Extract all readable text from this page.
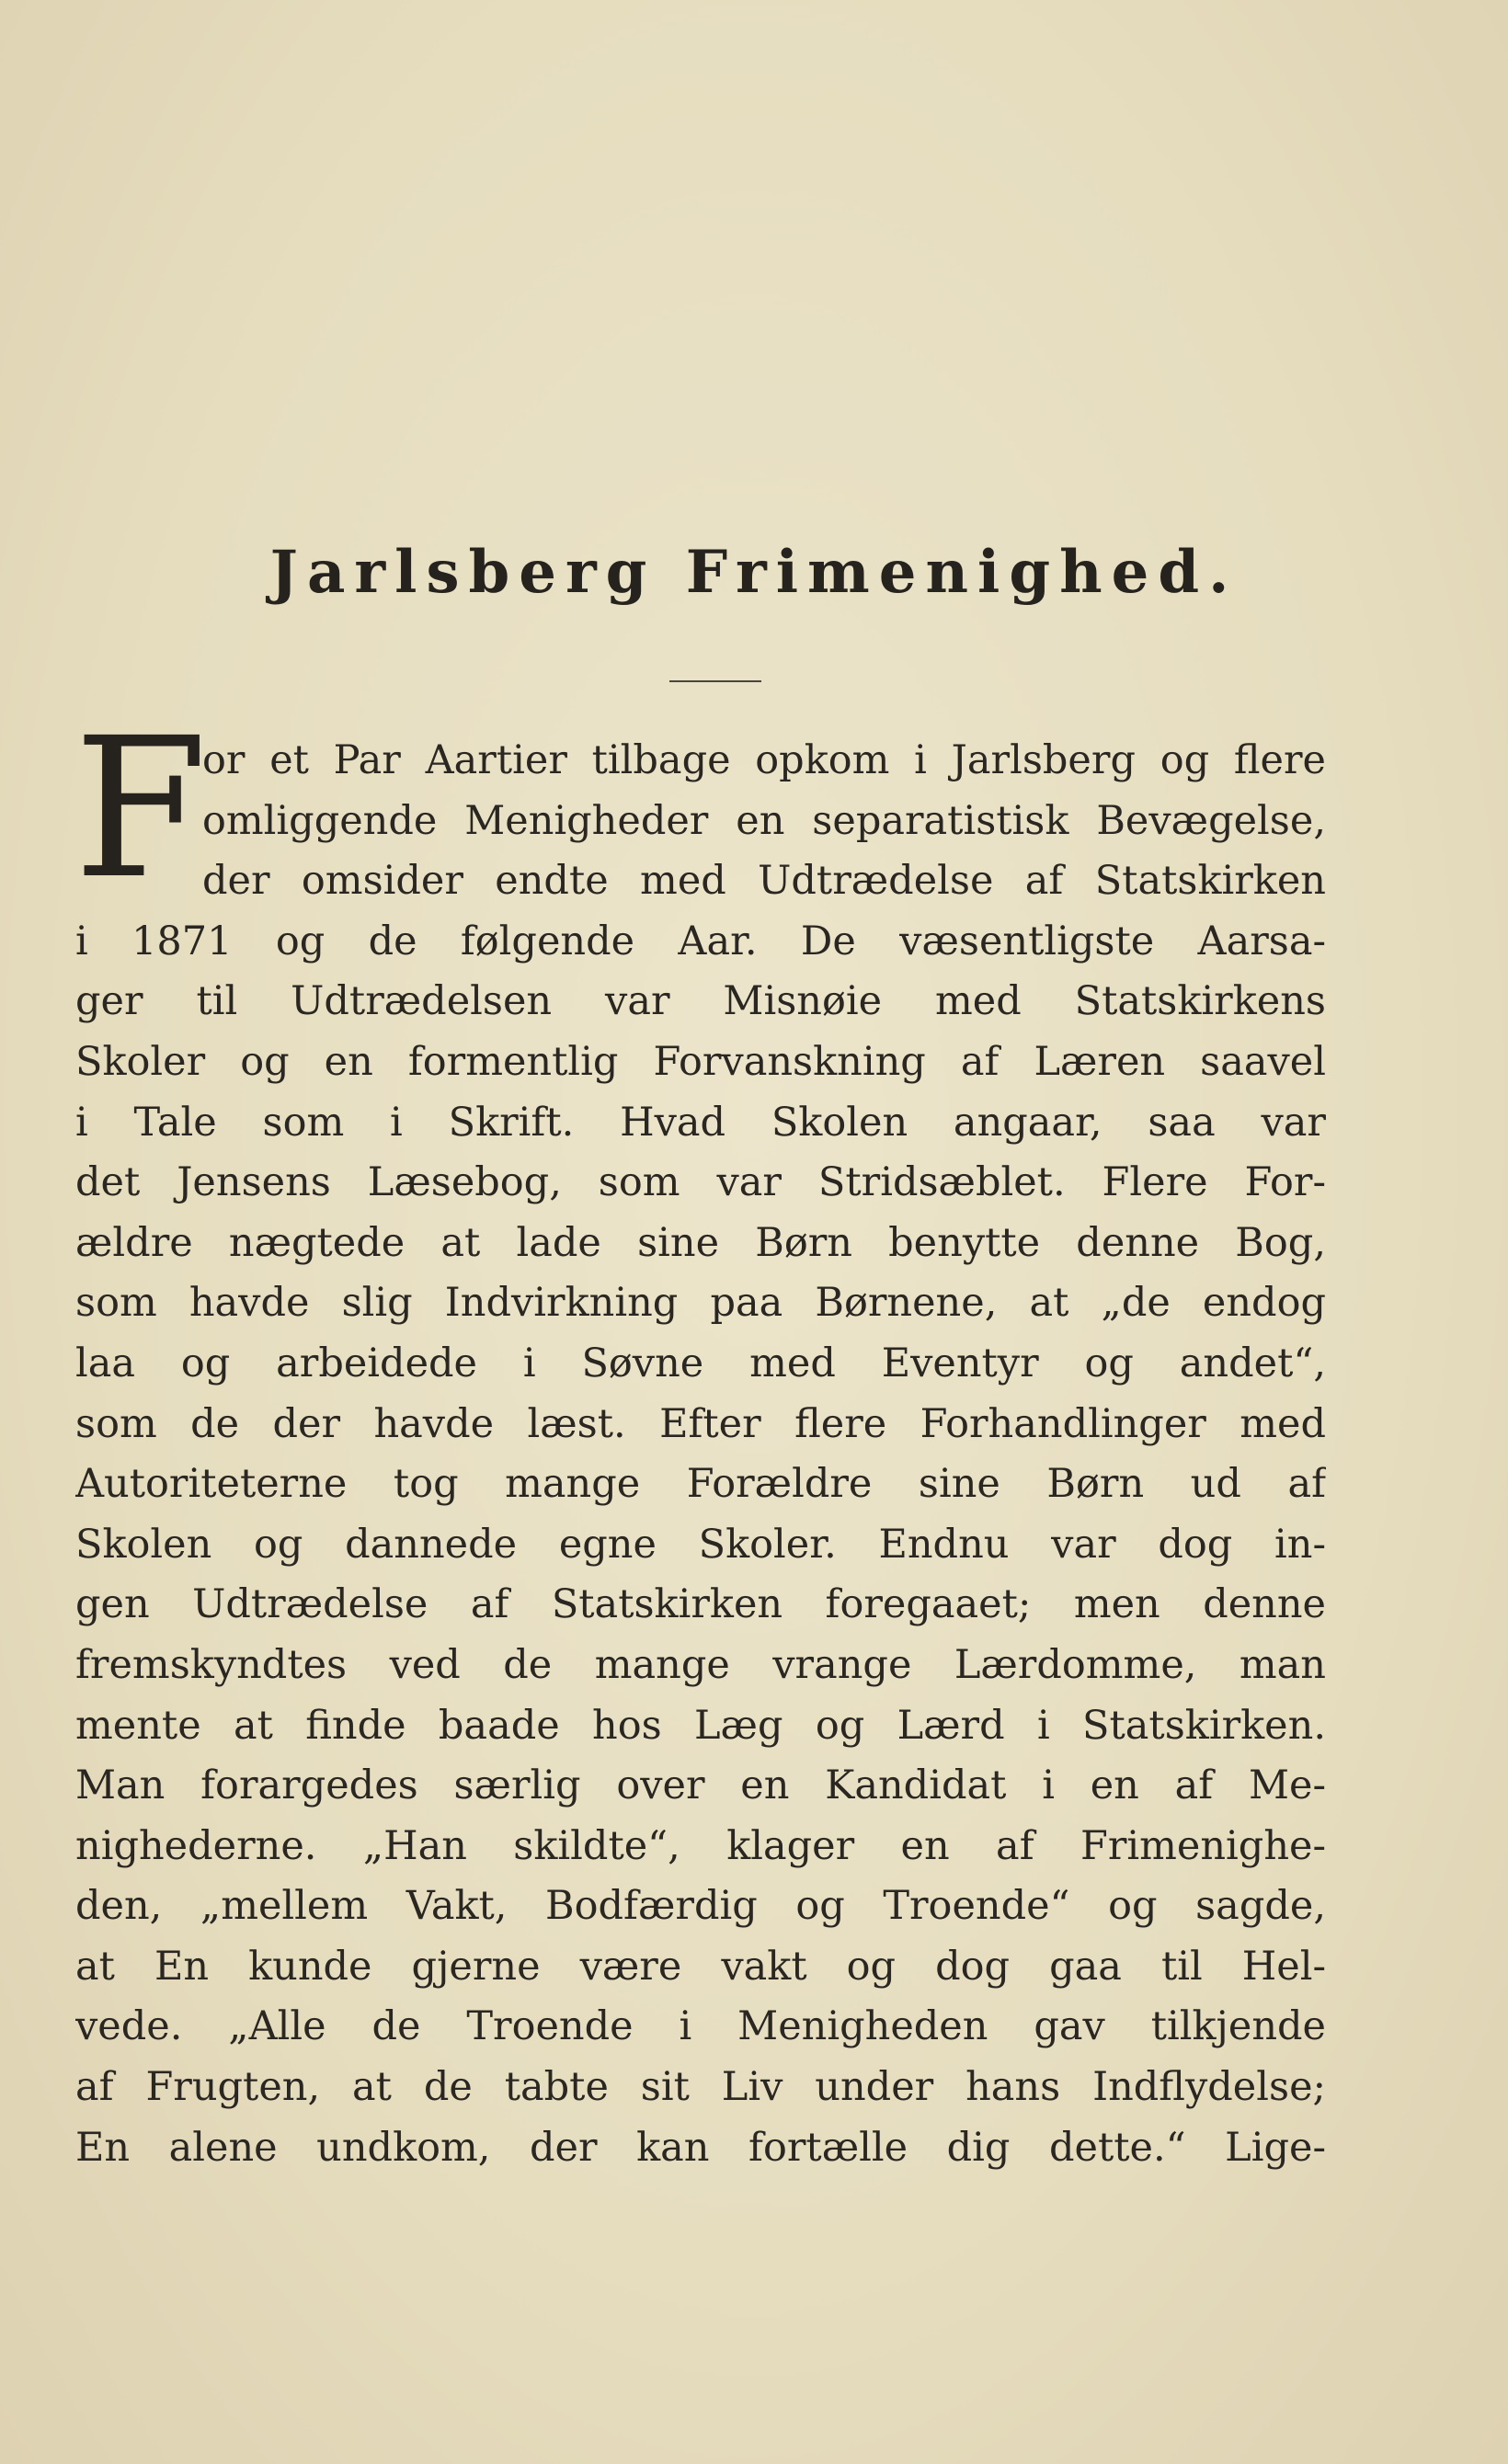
Jarlsberg Frimenighed.
F
or et Par Aartier tilbage opkom i Jarlsberg og flere
omliggende Menigheder en separatistisk Bevægelse,
der omsider endte med Udtrædelse af Statskirken
i 1871 og de følgende Aar. De væsentligste Aarsa-
ger til Udtrædelsen var Misnøie med Statskirkens
Skoler og en formentlig Forvanskning af Læren saavel
i Tale som i Skrift. Hvad Skolen angaar, saa var
det Jensens Læsebog, som var Stridsæblet. Flere For-
ældre nægtede at lade sine Børn benytte denne Bog,
som havde slig Indvirkning paa Børnene, at „de endog
laa og arbeidede i Søvne med Eventyr og andet“,
som de der havde læst. Efter flere Forhandlinger med
Autoriteterne tog mange Forældre sine Børn ud af
Skolen og dannede egne Skoler. Endnu var dog in-
gen Udtrædelse af Statskirken foregaaet; men denne
fremskyndtes ved de mange vrange Lærdomme, man
mente at finde baade hos Læg og Lærd i Statskirken.
Man forargedes særlig over en Kandidat i en af Me-
nighederne. „Han skildte“, klager en af Frimenighe-
den, „mellem Vakt, Bodfærdig og Troende“ og sagde,
at En kunde gjerne være vakt og dog gaa til Hel-
vede. „Alle de Troende i Menigheden gav tilkjende
af Frugten, at de tabte sit Liv under hans Indflydelse;
En alene undkom, der kan fortælle dig dette.“ Lige-
